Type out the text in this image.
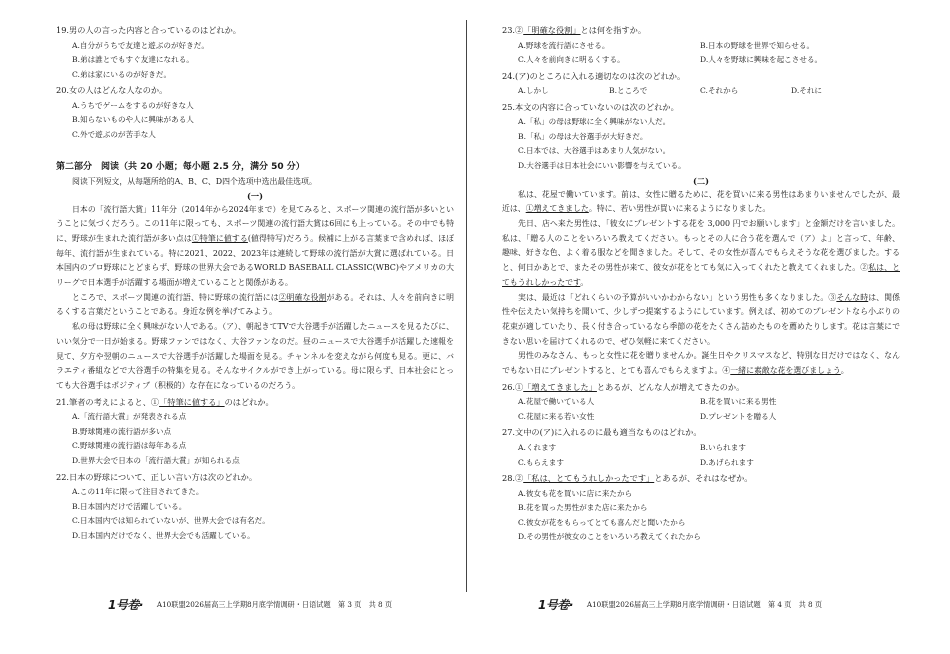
19.男の人の言った内容と合っているのはどれか。
A.自分がうちで友達と遊ぶのが好きだ。
B.弟は誰とでもすぐ友達になれる。
C.弟は家にいるのが好きだ。
20.女の人はどんな人なのか。
A.うちでゲームをするのが好きな人
B.知らないものや人に興味がある人
C.外で遊ぶのが苦手な人
第二部分　阅读（共 20 小题；每小题 2.5 分，满分 50 分）
阅读下列短文，从每题所给的A、B、C、D四个选项中选出最佳选项。
(一)
日本の「流行語大賞」11年分（2014年から2024年まで）を見てみると、スポーツ関連の流行語が多いということに気づくだろう。この11年に限っても、スポーツ関連の流行語大賞は6回にも上っている。その中でも特に、野球が生まれた流行語が多い点は①特筆に値する(値得特写)だろう。候補に上がる言葉まで含めれば、ほぼ毎年、流行語が生まれている。特に2021、2022、2023年は連続して野球の流行語が大賞に選ばれている。日本国内のプロ野球にとどまらず、野球の世界大会であるWORLD BASEBALL CLASSIC(WBC)やアメリカの大リーグで日本選手が活躍する場面が増えていることと関係がある。
ところで、スポーツ関連の流行語、特に野球の流行語には②明確な役割がある。それは、人々を前向きに明るくする言葉だということである。身近な例を挙げてみよう。
私の母は野球に全く興味がない人である。（ア）、朝起きてTVで大谷選手が活躍したニュースを見るたびに、いい気分で一日が始まる。野球ファンではなく、大谷ファンなのだ。昼のニュースで大谷選手が活躍した速報を見て、夕方や翌朝のニュースで大谷選手が活躍した場面を見る。チャンネルを変えながら何度も見る。更に、バラエティ番組などで大谷選手の特集を見る。そんなサイクルができ上がっている。母に限らず、日本社会にとっても大谷選手はポジティブ（积极的）な存在になっているのだろう。
21.筆者の考えによると、①「特筆に値する」のはどれか。
A.「流行語大賞」が発表される点
B.野球関連の流行語が多い点
C.野球関連の流行語は毎年ある点
D.世界大会で日本の「流行語大賞」が知られる点
22.日本の野球について、正しい言い方は次のどれか。
A.この11年に限って注目されてきた。
B.日本国内だけで活躍している。
C.日本国内では知られていないが、世界大会では有名だ。
D.日本国内だけでなく、世界大会でも活躍している。
23.②「明確な役割」とは何を指すか。
A.野球を流行語にさせる。	B.日本の野球を世界で知らせる。
C.人々を前向きに明るくする。	D.人々を野球に興味を起こさせる。
24.(ア)のところに入れる適切なのは次のどれか。
A.しかし	B.ところで	C.それから	D.それに
25.本文の内容に合っていないのは次のどれか。
A.「私」の母は野球に全く興味がない人だ。
B.「私」の母は大谷選手が大好きだ。
C.日本では、大谷選手はあまり人気がない。
D.大谷選手は日本社会にいい影響を与えている。
(二)
私は、花屋で働いています。前は、女性に贈るために、花を買いに来る男性はあまりいませんでしたが、最近は、①増えてきました。特に、若い男性が買いに来るようになりました。
先日、店へ来た男性は、「彼女にプレゼントする花を 3,000 円でお願いします」と金額だけを言いました。私は、「贈る人のことをいろいろ教えてください。もっとその人に合う花を選んで（ア）よ」と言って、年齢、趣味、好きな色、よく着る服などを聞きました。そして、その女性が喜んでもらえそうな花を選びました。すると、何日かあとで、またその男性が来て、彼女が花をとても気に入ってくれたと教えてくれました。②私は、とてもうれしかったです。
実は、最近は「どれくらいの予算がいいかわからない」という男性も多くなりました。③そんな時は、関係性や伝えたい気持ちを聞いて、少しずつ提案するようにしています。例えば、初めてのプレゼントなら小ぶりの花束が適していたり、長く付き合っているなら季節の花をたくさん詰めたものを薦めたりします。花は言葉にできない思いを届けてくれるので、ぜひ気軽に来てください。
男性のみなさん、もっと女性に花を贈りませんか。誕生日やクリスマスなど、特別な日だけではなく、なんでもない日にプレゼントすると、とても喜んでもらえますよ。④一緒に素敵な花を選びましょう。
26.①「増えてきました」とあるが、どんな人が増えてきたのか。
A.花屋で働いている人	B.花を買いに来る男性
C.花屋に来る若い女性	D.プレゼントを贈る人
27.文中の(ア)に入れるのに最も適当なものはどれか。
A.くれます	B.いられます
C.もらえます	D.あげられます
28.②「私は、とてもうれしかったです」とあるが、それはなぜか。
A.彼女も花を買いに店に来たから
B.花を買った男性がまた店に来たから
C.彼女が花をもらってとても喜んだと聞いたから
D.その男性が彼女のことをいろいろ教えてくれたから
1号卷· A10联盟2026届高三上学期8月底学情调研・日语试题　第 3 页　共 8 页	1号卷· A10联盟2026届高三上学期8月底学情调研・日语试题　第 4 页　共 8 页
